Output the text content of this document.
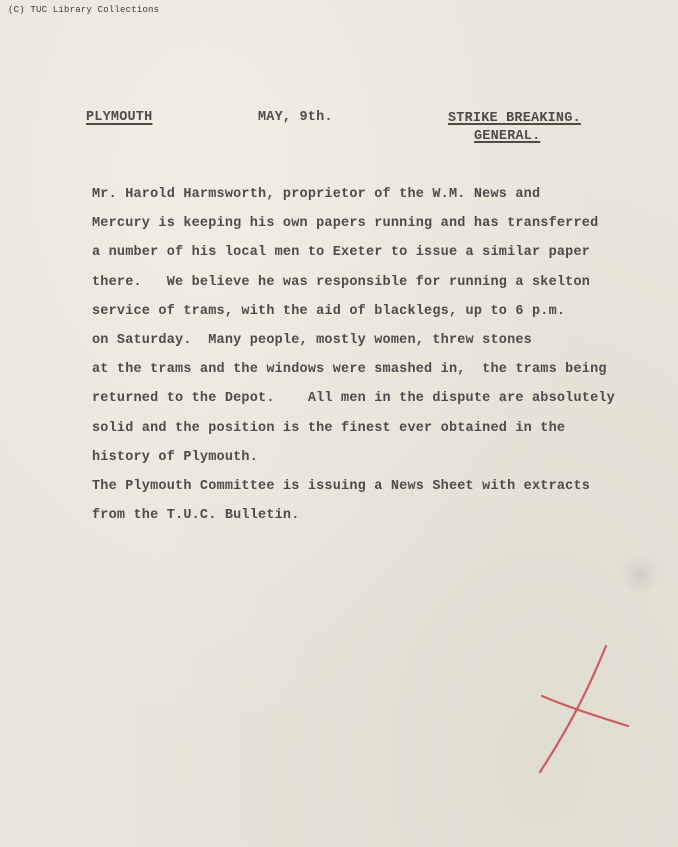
(C) TUC Library Collections
PLYMOUTH	MAY, 9th.	STRIKE BREAKING.
GENERAL.
Mr. Harold Harmsworth, proprietor of the W.M. News and
Mercury is keeping his own papers running and has transferred
a number of his local men to Exeter to issue a similar paper
there.   We believe he was responsible for running a skelton
service of trams, with the aid of blacklegs, up to 6 p.m.
on Saturday.  Many people, mostly women, threw stones
at the trams and the windows were smashed in,  the trams being
returned to the Depot.    All men in the dispute are absolutely
solid and the position is the finest ever obtained in the
history of Plymouth.
The Plymouth Committee is issuing a News Sheet with extracts
from the T.U.C. Bulletin.
